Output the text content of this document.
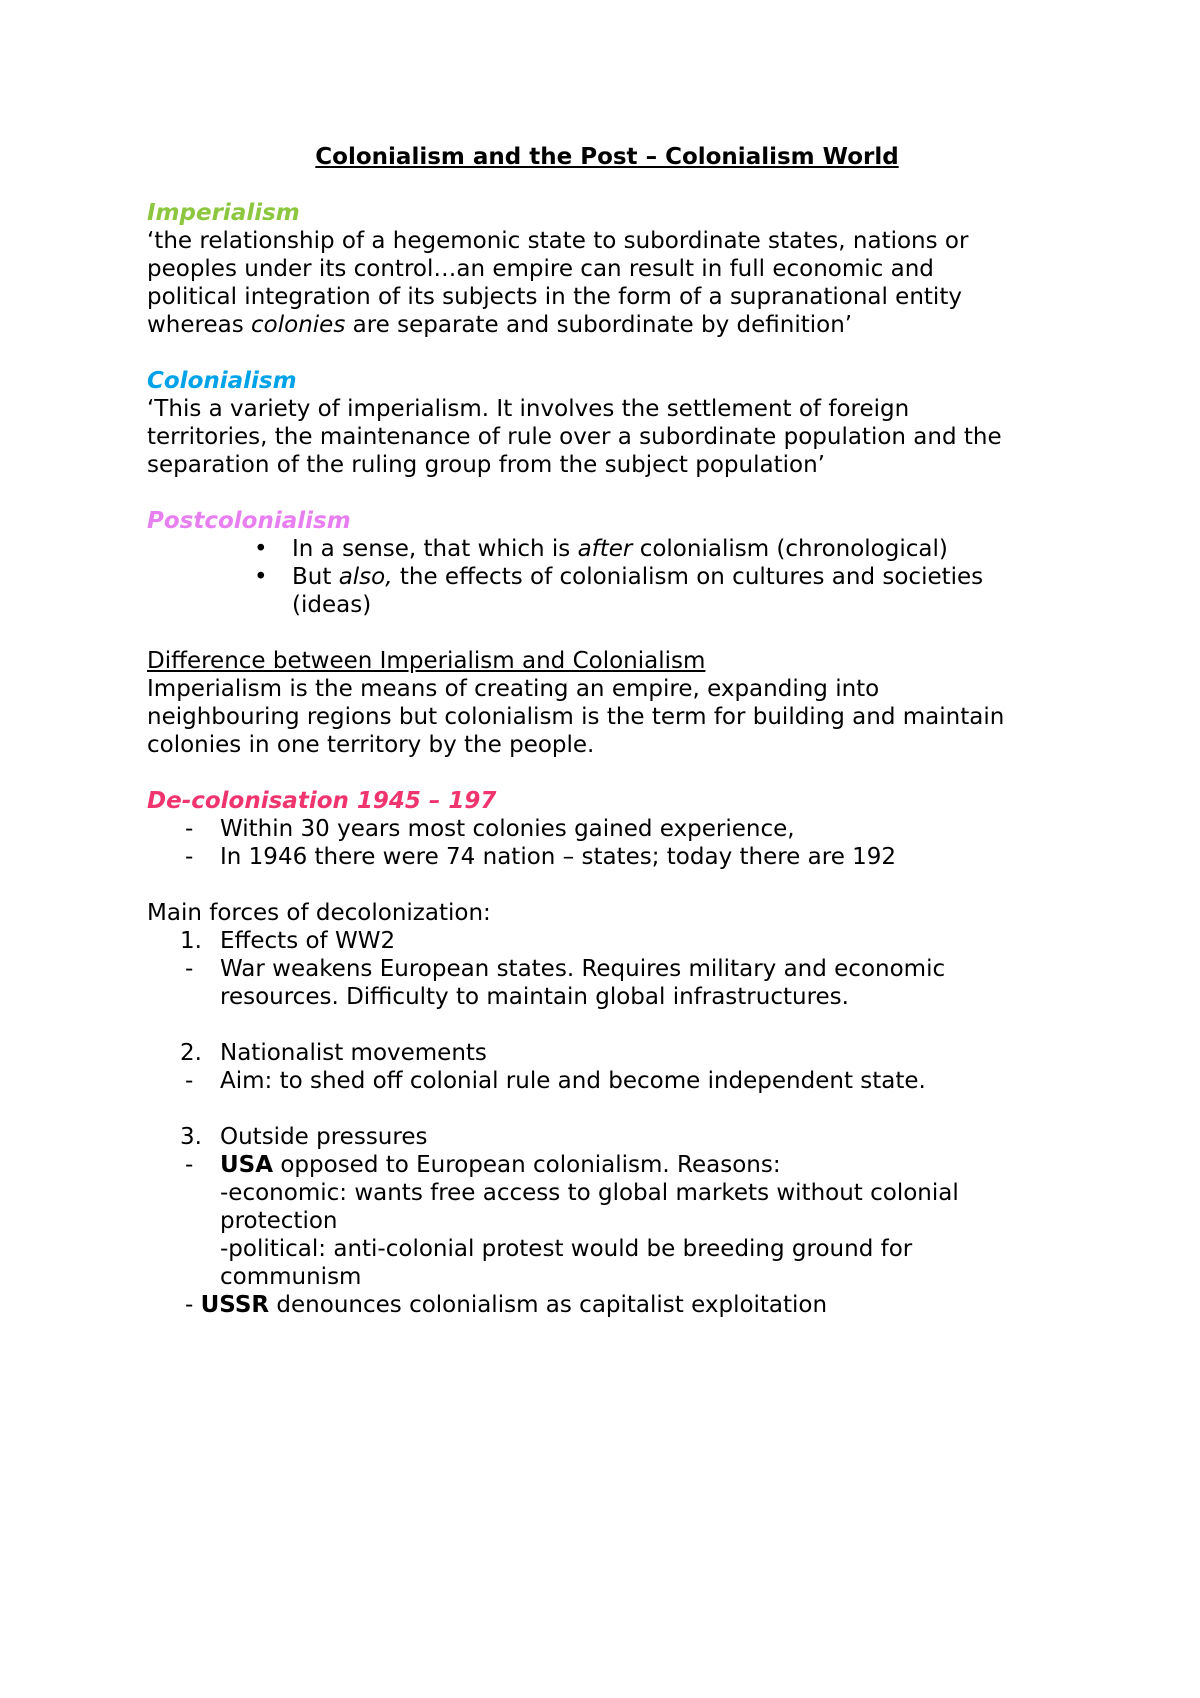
Colonialism and the Post – Colonialism World
Imperialism
‘the relationship of a hegemonic state to subordinate states, nations or
peoples under its control…an empire can result in full economic and
political integration of its subjects in the form of a supranational entity
whereas colonies are separate and subordinate by definition’
Colonialism
‘This a variety of imperialism. It involves the settlement of foreign
territories, the maintenance of rule over a subordinate population and the
separation of the ruling group from the subject population’
Postcolonialism
• In a sense, that which is after colonialism (chronological)
• But also, the effects of colonialism on cultures and societies
(ideas)
Difference between Imperialism and Colonialism
Imperialism is the means of creating an empire, expanding into
neighbouring regions but colonialism is the term for building and maintain
colonies in one territory by the people.
De-colonisation 1945 – 197
- Within 30 years most colonies gained experience,
- In 1946 there were 74 nation – states; today there are 192
Main forces of decolonization:
1. Effects of WW2
- War weakens European states. Requires military and economic
resources. Difficulty to maintain global infrastructures.
2. Nationalist movements
- Aim: to shed off colonial rule and become independent state.
3. Outside pressures
- USA opposed to European colonialism. Reasons:
-economic: wants free access to global markets without colonial
protection
-political: anti-colonial protest would be breeding ground for
communism
- USSR denounces colonialism as capitalist exploitation
